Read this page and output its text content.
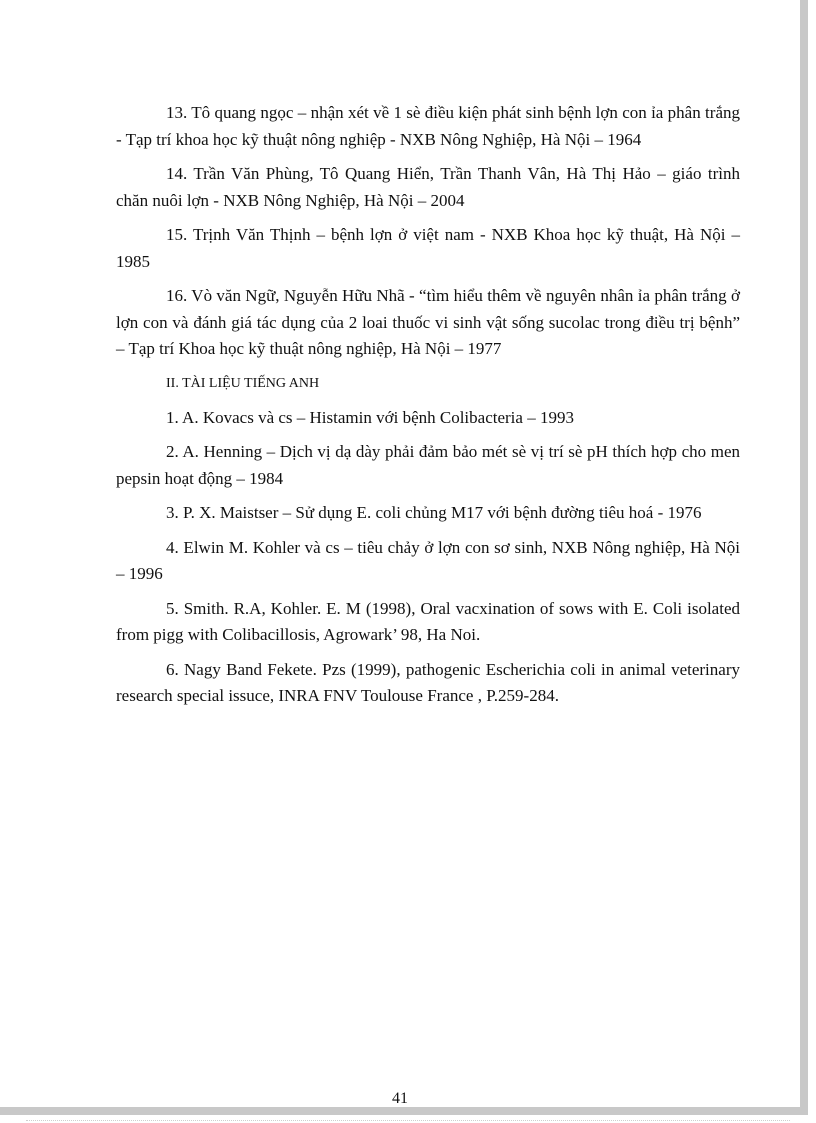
13. Tô quang ngọc – nhận xét về 1 sè điều kiện phát sinh bệnh lợn con ỉa phân trắng - Tạp trí khoa học kỹ thuật nông nghiệp - NXB Nông Nghiệp, Hà Nội – 1964

14. Trần Văn Phùng, Tô Quang Hiển, Trần Thanh Vân, Hà Thị Hảo – giáo trình chăn nuôi lợn - NXB Nông Nghiệp, Hà Nội – 2004

15. Trịnh Văn Thịnh – bệnh lợn ở việt nam - NXB Khoa học kỹ thuật, Hà Nội – 1985

16. Vò văn Ngữ, Nguyễn Hữu Nhã - “tìm hiểu thêm về nguyên nhân ỉa phân trắng ở lợn con và đánh giá tác dụng của 2 loai thuốc vi sinh vật sống sucolac trong điều trị bệnh” – Tạp trí Khoa học kỹ thuật nông nghiệp, Hà Nội – 1977

II. TÀI LIỆU TIẾNG ANH

1. A. Kovacs và cs – Histamin với bệnh Colibacteria – 1993

2. A. Henning – Dịch vị dạ dày phải đảm bảo mét sè vị trí sè pH thích hợp cho men pepsin hoạt động – 1984

3. P. X. Maistser – Sử dụng E. coli chủng M17 với bệnh đường tiêu hoá - 1976

4. Elwin M. Kohler và cs – tiêu chảy ở lợn con sơ sinh, NXB Nông nghiệp, Hà Nội – 1996

5. Smith. R.A, Kohler. E. M (1998), Oral vacxination of sows with E. Coli isolated from pigg with Colibacillosis, Agrowark’ 98, Ha Noi.

6. Nagy Band Fekete. Pzs (1999), pathogenic Escherichia coli in animal veterinary research special issuce, INRA FNV Toulouse France , P.259-284.

41
